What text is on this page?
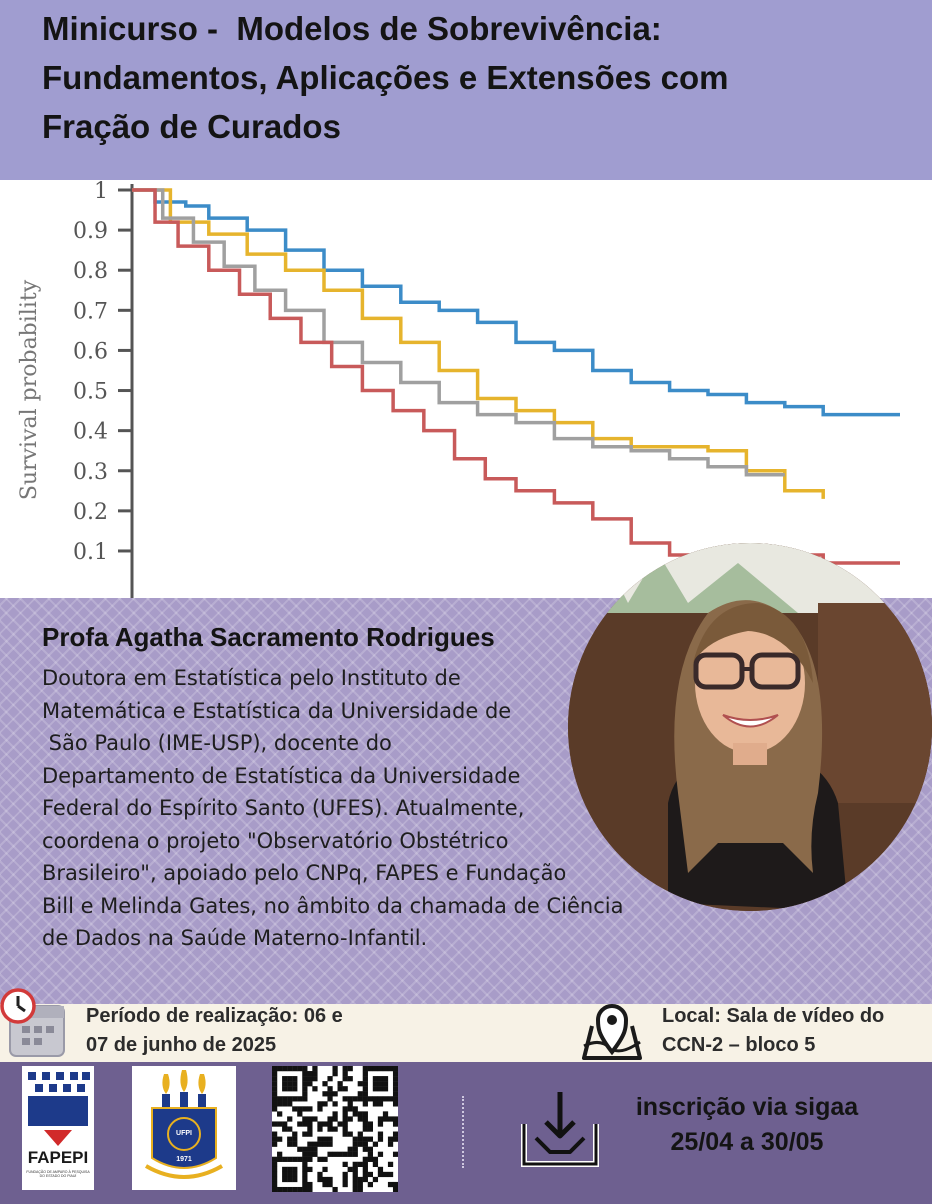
Minicurso -  Modelos de Sobrevivência:
Fundamentos, Aplicações e Extensões com
Fração de Curados
1
0.9
0.8
0.7
0.6
0.5
0.4
0.3
0.2
0.1
Survival probability
Profa Agatha Sacramento Rodrigues
Doutora em Estatística pelo Instituto de
Matemática e Estatística da Universidade de
São Paulo (IME-USP), docente do
Departamento de Estatística da Universidade
Federal do Espírito Santo (UFES). Atualmente,
coordena o projeto "Observatório Obstétrico
Brasileiro", apoiado pelo CNPq, FAPES e Fundação
Bill e Melinda Gates, no âmbito da chamada de Ciência
de Dados na Saúde Materno-Infantil.
Período de realização: 06 e
07 de junho de 2025
Local: Sala de vídeo do
CCN-2 – bloco 5
FAPEPI
FUNDAÇÃO DE AMPARO À PESQUISA DO ESTADO DO PIAUÍ
UFPI
1971
inscrição via sigaa
25/04 a 30/05
